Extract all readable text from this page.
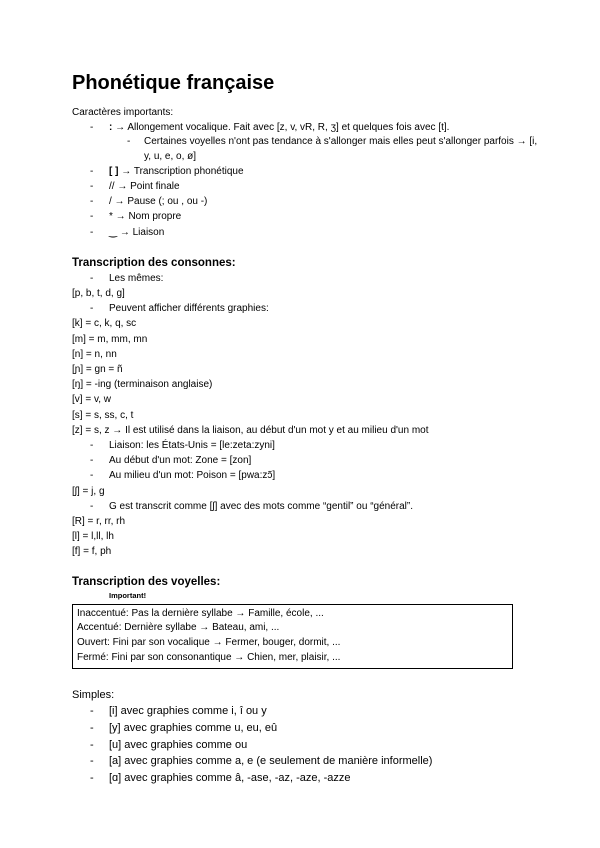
Phonétique française
Caractères importants:
- : → Allongement vocalique. Fait avec [z, v, vR, R, ʒ] et quelques fois avec [t].
- Certaines voyelles n'ont pas tendance à s'allonger mais elles peut s'allonger parfois → [i, y, u, e, o, ø]
- [ ] → Transcription phonétique
- // → Point finale
- / → Pause (; ou , ou -)
- * → Nom propre
- ‿ → Liaison
Transcription des consonnes:
- Les mêmes:
[p, b, t, d, g]
- Peuvent afficher différents graphies:
[k] = c, k, q, sc
[m] = m, mm, mn
[n] = n, nn
[ɲ] = gn = ñ
[ŋ] = -ing (terminaison anglaise)
[v] = v, w
[s] = s, ss, c, t
[z] = s, z → Il est utilisé dans la liaison, au début d'un mot y et au milieu d'un mot
- Liaison: les États-Unis = [le:zeta:zyni]
- Au début d'un mot: Zone = [zon]
- Au milieu d'un mot: Poison = [pwa:zɔ̃]
[ʃ] = j, g
- G est transcrit comme [ʃ] avec des mots comme “gentil” ou “général”.
[R] = r, rr, rh
[l] = l,ll, lh
[f] = f, ph
Transcription des voyelles:
Important!
Inaccentué: Pas la dernière syllabe → Famille, école, ...
Accentué: Dernière syllabe → Bateau, ami, ...
Ouvert: Fini par son vocalique → Fermer, bouger, dormit, ...
Fermé: Fini par son consonantique → Chien, mer, plaisir, ...
Simples:
- [i] avec graphies comme i, î ou y
- [y] avec graphies comme u, eu, eû
- [u] avec graphies comme ou
- [a] avec graphies comme a, e (e seulement de manière informelle)
- [ɑ] avec graphies comme â, -ase, -az, -aze, -azze
